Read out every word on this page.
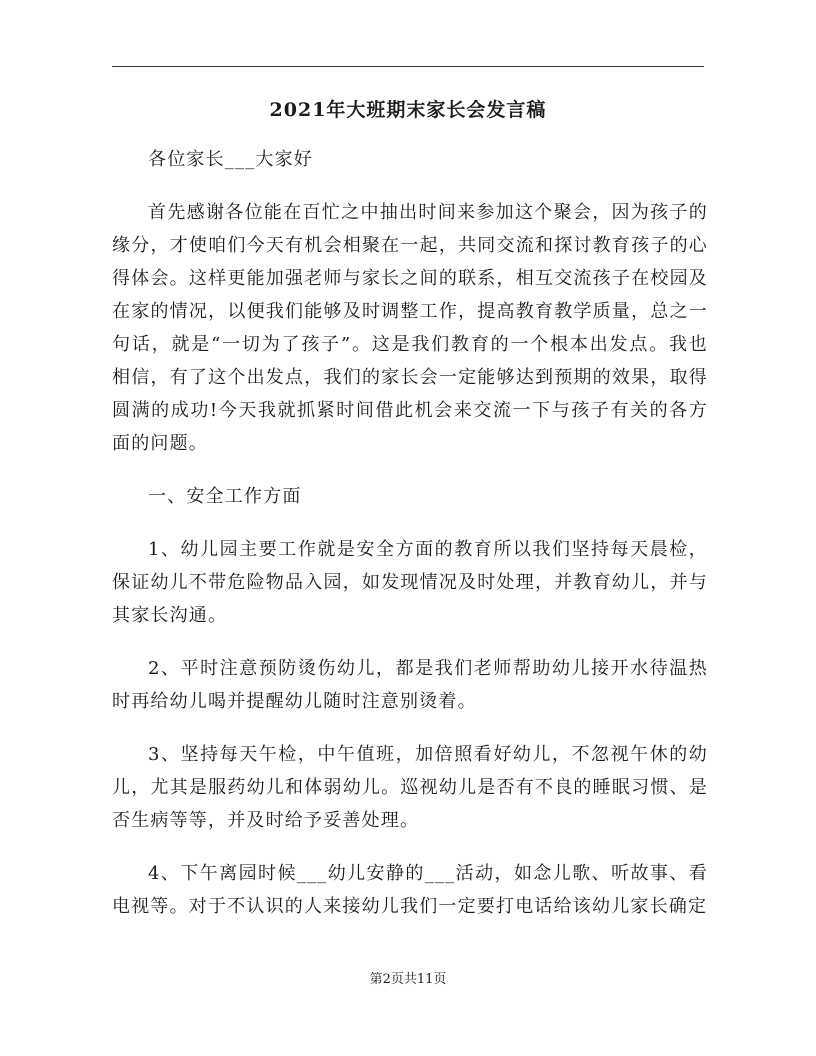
2021年大班期末家长会发言稿

各位家长___大家好

首先感谢各位能在百忙之中抽出时间来参加这个聚会，因为孩子的缘分，才使咱们今天有机会相聚在一起，共同交流和探讨教育孩子的心得体会。这样更能加强老师与家长之间的联系，相互交流孩子在校园及在家的情况，以便我们能够及时调整工作，提高教育教学质量，总之一句话，就是“一切为了孩子”。这是我们教育的一个根本出发点。我也相信，有了这个出发点，我们的家长会一定能够达到预期的效果，取得圆满的成功!今天我就抓紧时间借此机会来交流一下与孩子有关的各方面的问题。

一、安全工作方面

1、幼儿园主要工作就是安全方面的教育所以我们坚持每天晨检，保证幼儿不带危险物品入园，如发现情况及时处理，并教育幼儿，并与其家长沟通。

2、平时注意预防烫伤幼儿，都是我们老师帮助幼儿接开水待温热时再给幼儿喝并提醒幼儿随时注意别烫着。

3、坚持每天午检，中午值班，加倍照看好幼儿，不忽视午休的幼儿，尤其是服药幼儿和体弱幼儿。巡视幼儿是否有不良的睡眠习惯、是否生病等等，并及时给予妥善处理。

4、下午离园时候___幼儿安静的___活动，如念儿歌、听故事、看电视等。对于不认识的人来接幼儿我们一定要打电话给该幼儿家长确定

第2页共11页
